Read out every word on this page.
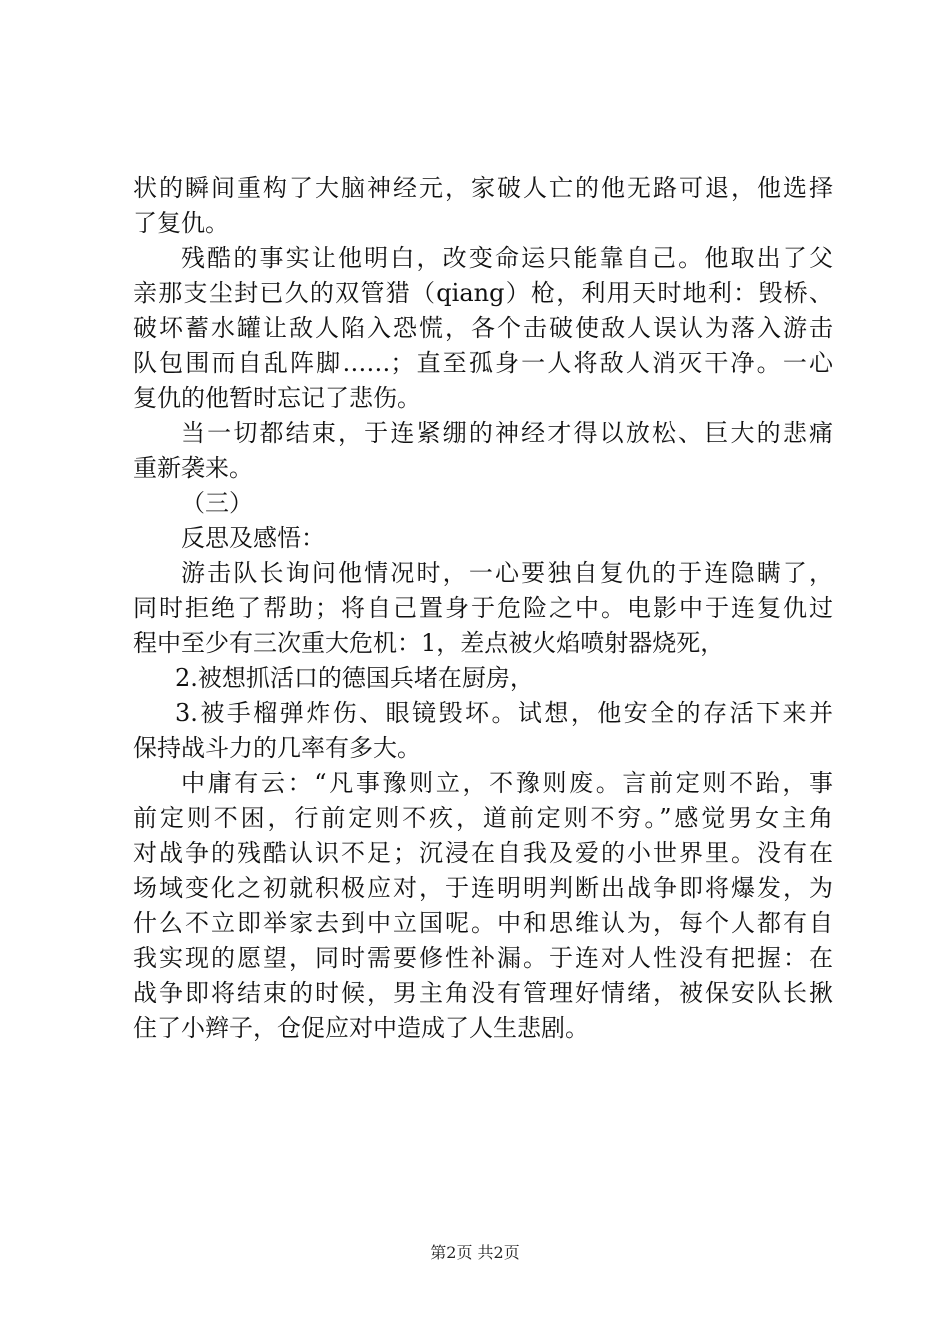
状的瞬间重构了大脑神经元，家破人亡的他无路可退，他选择
了复仇。
残酷的事实让他明白，改变命运只能靠自己。他取出了父
亲那支尘封已久的双管猎（qiang）枪，利用天时地利：毁桥、
破坏蓄水罐让敌人陷入恐慌，各个击破使敌人误认为落入游击
队包围而自乱阵脚……；直至孤身一人将敌人消灭干净。一心
复仇的他暂时忘记了悲伤。
当一切都结束，于连紧绷的神经才得以放松、巨大的悲痛
重新袭来。
（三）
反思及感悟：
游击队长询问他情况时，一心要独自复仇的于连隐瞒了，
同时拒绝了帮助；将自己置身于危险之中。电影中于连复仇过
程中至少有三次重大危机：1，差点被火焰喷射器烧死，
2.被想抓活口的德国兵堵在厨房，
3.被手榴弹炸伤、眼镜毁坏。试想，他安全的存活下来并
保持战斗力的几率有多大。
中庸有云：“凡事豫则立，不豫则废。言前定则不跆，事
前定则不困，行前定则不疚，道前定则不穷。”感觉男女主角
对战争的残酷认识不足；沉浸在自我及爱的小世界里。没有在
场域变化之初就积极应对，于连明明判断出战争即将爆发，为
什么不立即举家去到中立国呢。中和思维认为，每个人都有自
我实现的愿望，同时需要修性补漏。于连对人性没有把握：在
战争即将结束的时候，男主角没有管理好情绪，被保安队长揪
住了小辫子，仓促应对中造成了人生悲剧。
第2页 共2页
